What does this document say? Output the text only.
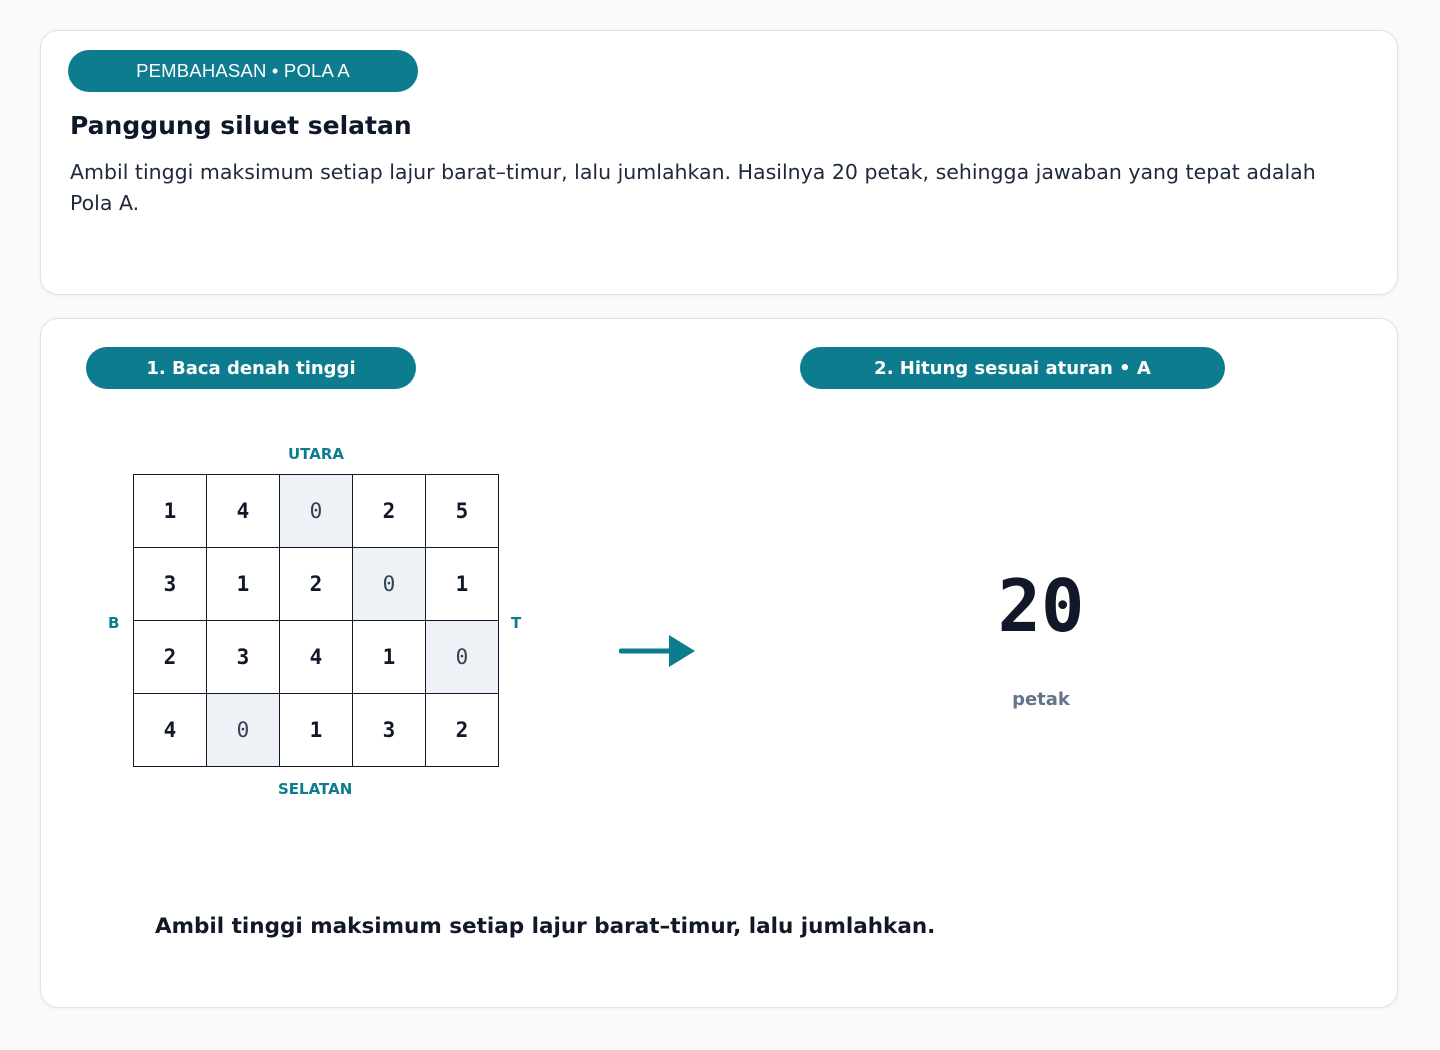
PEMBAHASAN • POLA A
Panggung siluet selatan

Ambil tinggi maksimum setiap lajur barat–timur, lalu jumlahkan. Hasilnya 20 petak, sehingga jawaban yang tepat adalah Pola A.

1. Baca denah tinggi	2. Hitung sesuai aturan • A
UTARA
SELATAN
B	T
1	4	0	2	5
3	1	2	0	1
2	3	4	1	0
4	0	1	3	2
20
petak

Ambil tinggi maksimum setiap lajur barat–timur, lalu jumlahkan.
